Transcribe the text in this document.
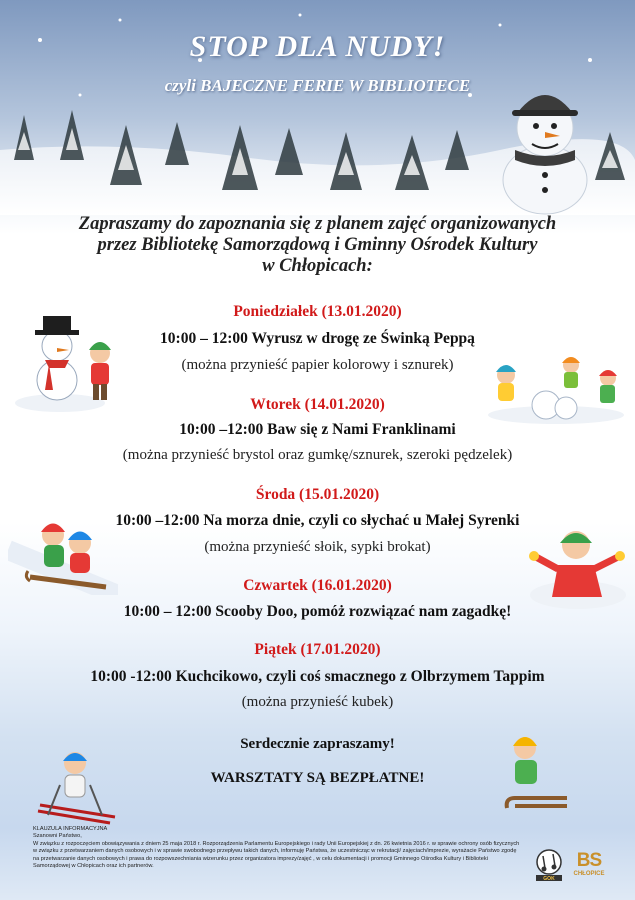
STOP DLA NUDY!
czyli BAJECZNE FERIE W BIBLIOTECE
Zapraszamy do zapoznania się z planem zajęć organizowanych
przez Bibliotekę Samorządową i Gminny Ośrodek Kultury
w Chłopicach:
Poniedziałek (13.01.2020)
10:00 – 12:00 Wyrusz w drogę ze Świnką Peppą
(można przynieść papier kolorowy i sznurek)
Wtorek (14.01.2020)
10:00 –12:00 Baw się z Nami Franklinami
(można przynieść brystol oraz gumkę/sznurek, szeroki pędzelek)
Środa (15.01.2020)
10:00 –12:00 Na morza dnie, czyli co słychać u Małej Syrenki
(można przynieść słoik, sypki brokat)
Czwartek (16.01.2020)
10:00 – 12:00 Scooby Doo, pomóż rozwiązać nam zagadkę!
Piątek (17.01.2020)
10:00 -12:00 Kuchcikowo, czyli coś smacznego z Olbrzymem Tappim
(można przynieść kubek)
Serdecznie zapraszamy!
WARSZTATY SĄ BEZPŁATNE!
KLAUZULA INFORMACYJNA
Szanowni Państwo,
W związku z rozpoczęciem obowiązywania z dniem 25 maja 2018 r. Rozporządzenia Parlamentu Europejskiego i rady Unii Europejskiej z dn. 26 kwietnia 2016 r. w sprawie ochrony osób fizycznych w związku z przetwarzaniem danych osobowych i w sprawie swobodnego przepływu takich danych, informuję Państwa, że uczestnicząc w rekrutacji/ zajęciach/imprezie, wyrażacie Państwo zgodę na przetwarzanie danych osobowych i prawa do rozpowszechniania wizerunku przez organizatora imprezy/zajęć , w celu dokumentacji i promocji Gminnego Ośrodka Kultury i Biblioteki Samorządowej w Chłopicach oraz ich partnerów.
GOK
BS
CHŁOPICE
